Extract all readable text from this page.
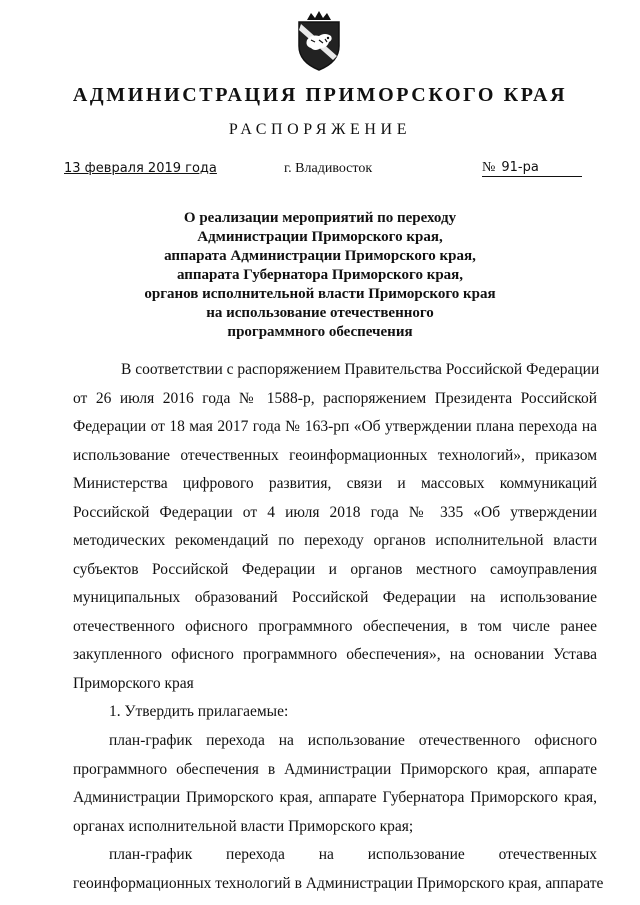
АДМИНИСТРАЦИЯ ПРИМОРСКОГО КРАЯ
РАСПОРЯЖЕНИЕ
13 февраля 2019 года	г. Владивосток	№ 91-ра
О реализации мероприятий по переходу
Администрации Приморского края,
аппарата Администрации Приморского края,
аппарата Губернатора Приморского края,
органов исполнительной власти Приморского края
на использование отечественного
программного обеспечения
В соответствии с распоряжением Правительства Российской Федерации
от 26 июля 2016 года № 1588-р, распоряжением Президента Российской
Федерации от 18 мая 2017 года № 163-рп «Об утверждении плана перехода на
использование отечественных геоинформационных технологий», приказом
Министерства цифрового развития, связи и массовых коммуникаций
Российской Федерации от 4 июля 2018 года № 335 «Об утверждении
методических рекомендаций по переходу органов исполнительной власти
субъектов Российской Федерации и органов местного самоуправления
муниципальных образований Российской Федерации на использование
отечественного офисного программного обеспечения, в том числе ранее
закупленного офисного программного обеспечения», на основании Устава
Приморского края
1. Утвердить прилагаемые:
план-график перехода на использование отечественного офисного
программного обеспечения в Администрации Приморского края, аппарате
Администрации Приморского края, аппарате Губернатора Приморского края,
органах исполнительной власти Приморского края;
план-график перехода на использование отечественных
геоинформационных технологий в Администрации Приморского края, аппарате
